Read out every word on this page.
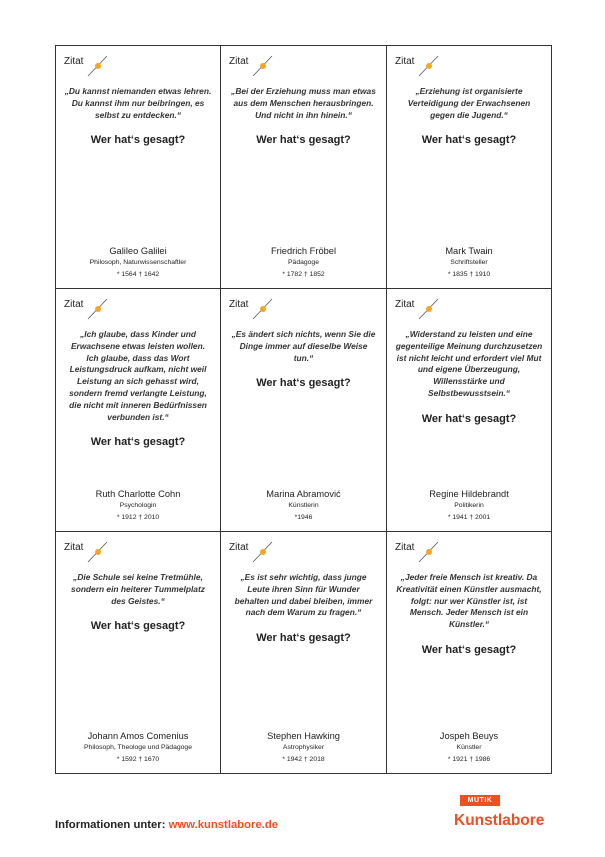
Zitat
„Du kannst niemanden etwas lehren. Du kannst ihm nur beibringen, es selbst zu entdecken.“
Wer hat‘s gesagt?
Galileo Galilei
Philosoph, Naturwissenschaftler
* 1564 † 1642
Zitat
„Bei der Erziehung muss man etwas aus dem Menschen herausbringen. Und nicht in ihn hinein.“
Wer hat‘s gesagt?
Friedrich Fröbel
Pädagoge
* 1782 † 1852
Zitat
„Erziehung ist organisierte Verteidigung der Erwachsenen gegen die Jugend.“
Wer hat‘s gesagt?
Mark Twain
Schriftsteller
* 1835 † 1910
Zitat
„Ich glaube, dass Kinder und Erwachsene etwas leisten wollen. Ich glaube, dass das Wort Leistungsdruck aufkam, nicht weil Leistung an sich gehasst wird, sondern fremd verlangte Leistung, die nicht mit inneren Bedürfnissen verbunden ist.“
Wer hat‘s gesagt?
Ruth Charlotte Cohn
Psychologin
* 1912 † 2010
Zitat
„Es ändert sich nichts, wenn Sie die Dinge immer auf dieselbe Weise tun.“
Wer hat‘s gesagt?
Marina Abramović
Künstlerin
*1946
Zitat
„Widerstand zu leisten und eine gegenteilige Meinung durchzusetzen ist nicht leicht und erfordert viel Mut und eigene Überzeugung, Willensstärke und Selbstbewusstsein.“
Wer hat‘s gesagt?
Regine Hildebrandt
Politikerin
* 1941 † 2001
Zitat
„Die Schule sei keine Tretmühle, sondern ein heiterer Tummelplatz des Geistes.“
Wer hat‘s gesagt?
Johann Amos Comenius
Philosoph, Theologe und Pädagoge
* 1592 † 1670
Zitat
„Es ist sehr wichtig, dass junge Leute ihren Sinn für Wunder behalten und dabei bleiben, immer nach dem Warum zu fragen.“
Wer hat‘s gesagt?
Stephen Hawking
Astrophysiker
* 1942 † 2018
Zitat
„Jeder freie Mensch ist kreativ. Da Kreativität einen Künstler ausmacht, folgt: nur wer Künstler ist, ist Mensch. Jeder Mensch ist ein Künstler.“
Wer hat‘s gesagt?
Jospeh Beuys
Künstler
* 1921 † 1986
Informationen unter: www.kunstlabore.de
MUTIK
Kunstlabore
